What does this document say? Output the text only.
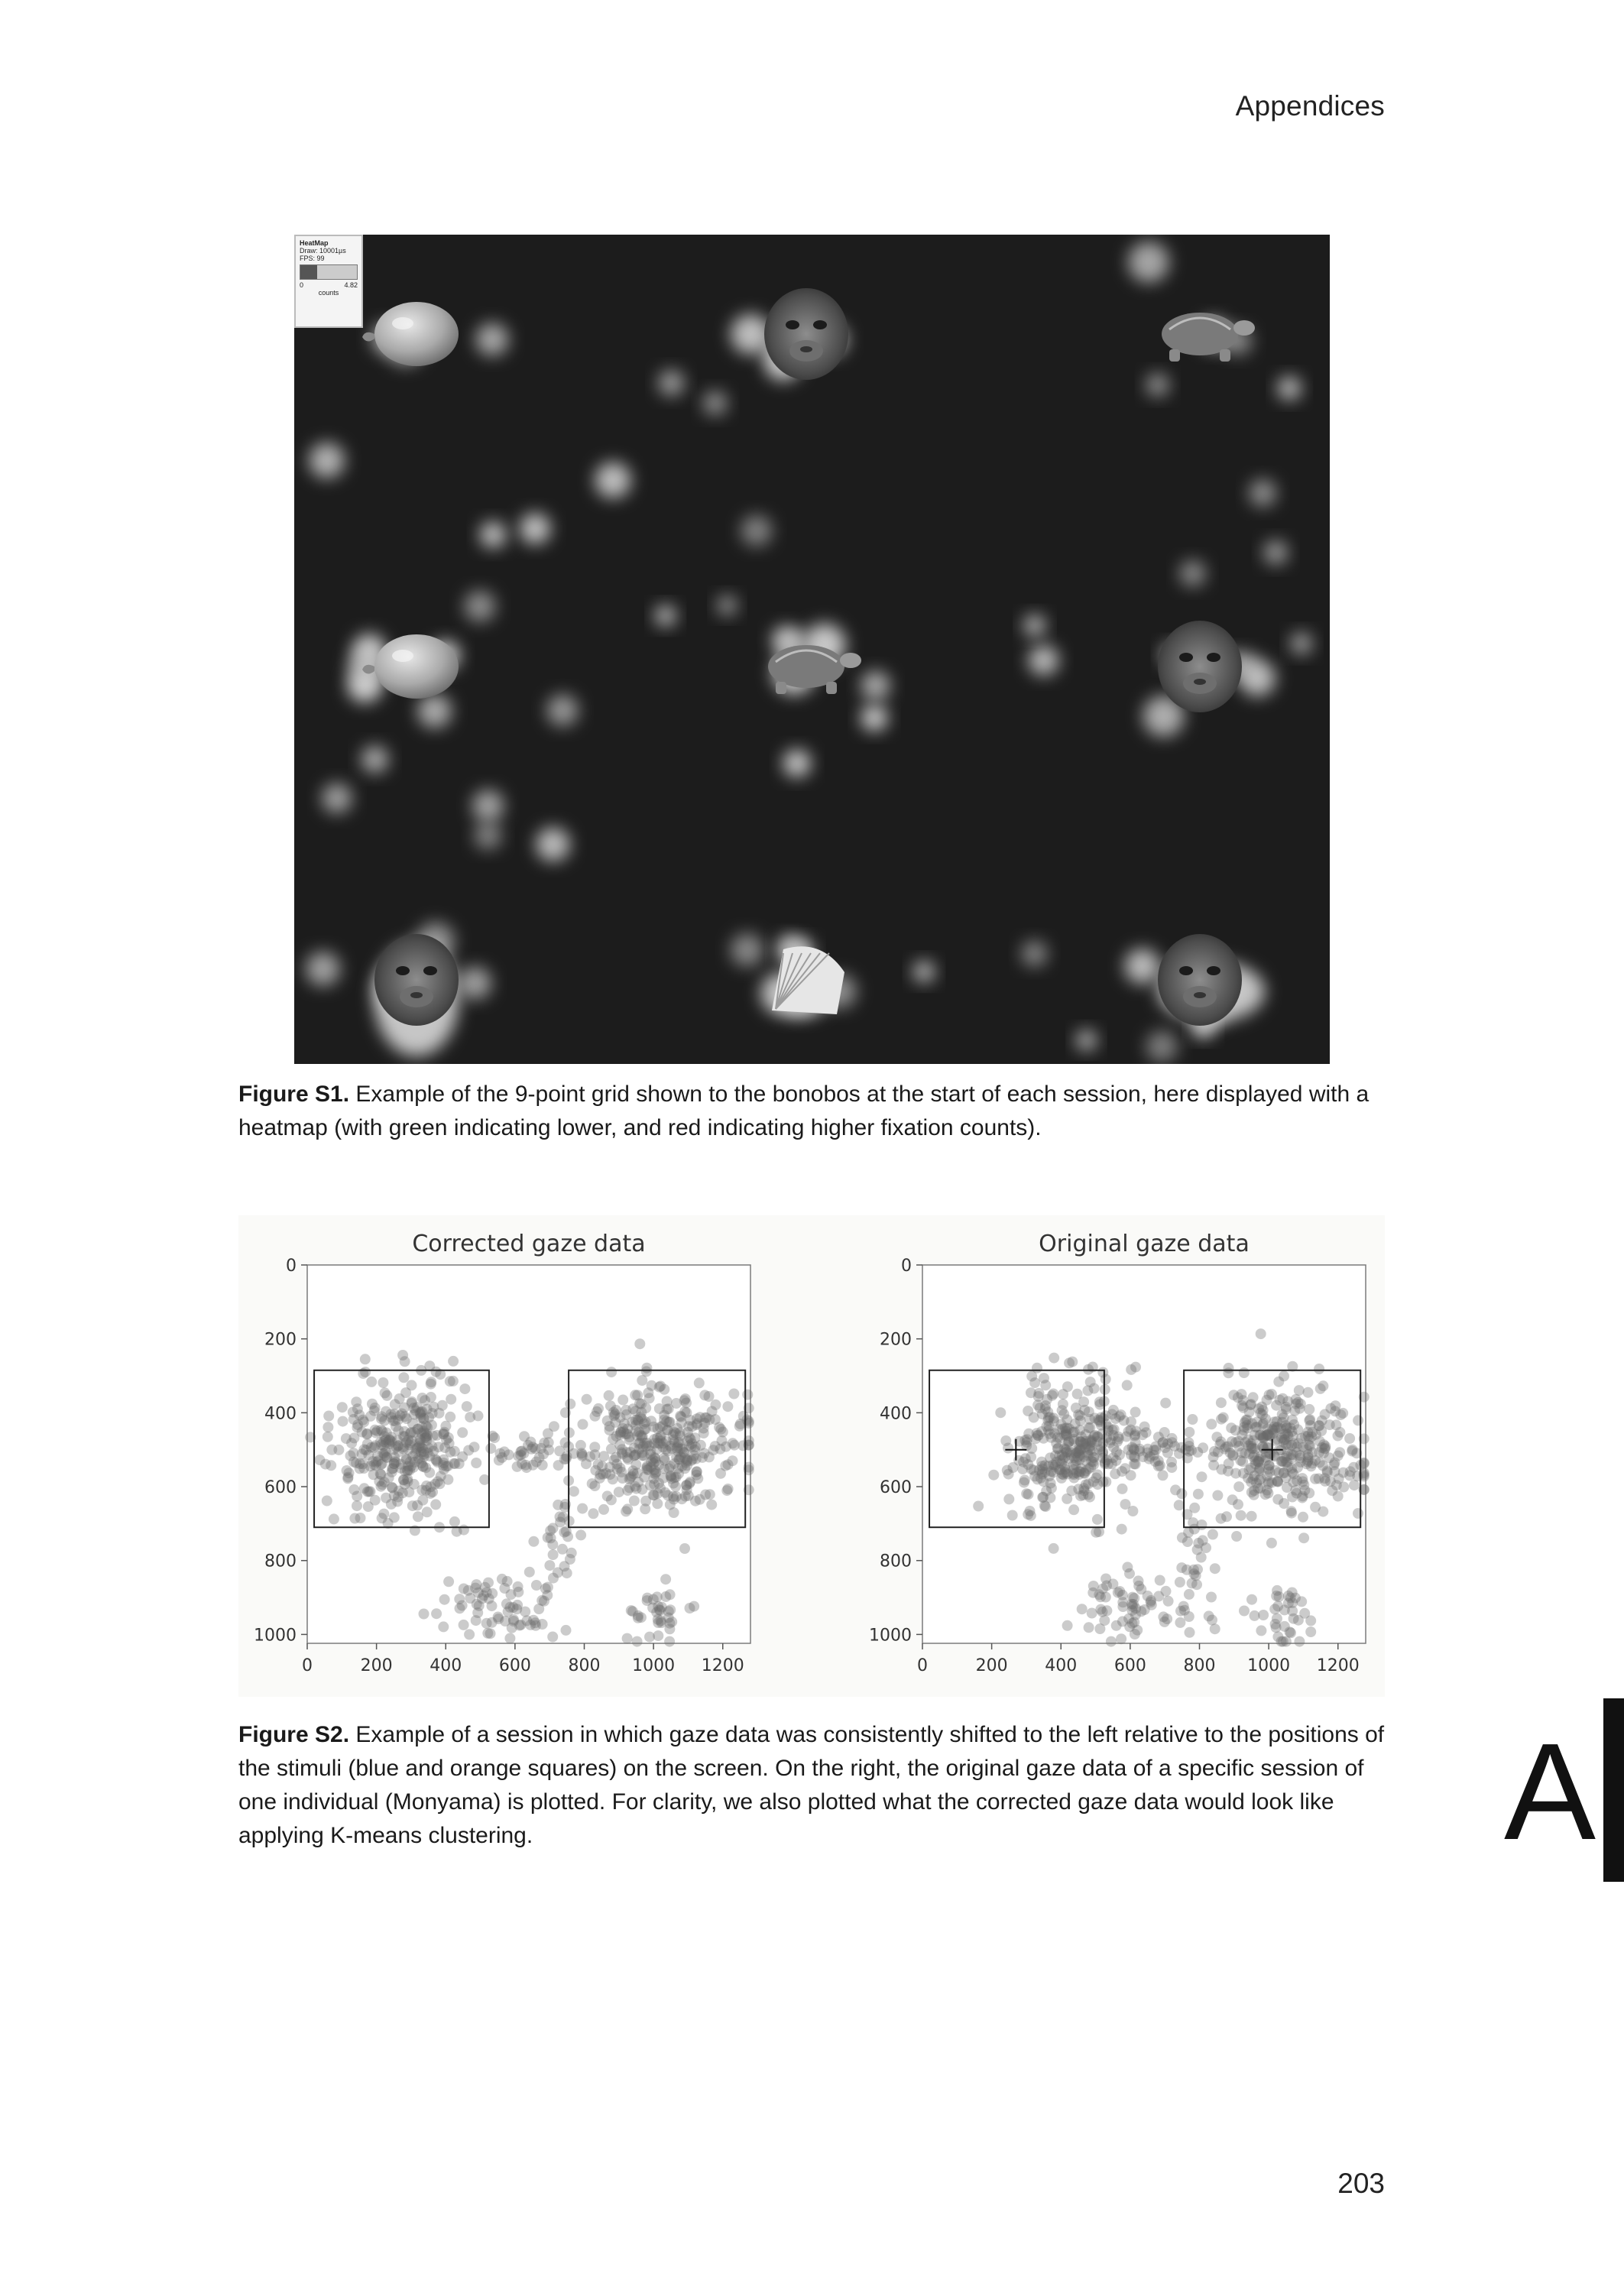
Appendices
HeatMap
Draw: 10001µs
FPS: 99
0	4.82
counts
Figure S1. Example of the 9-point grid shown to the bonobos at the start of each session, here displayed with a heatmap (with green indicating lower, and red indicating higher fixation counts).
Corrected gaze data
0	200 400 600 800 1000 1200
0
200
400
600
800
1000
Original gaze data
0	200 400 600 800 1000 1200
0
200
400
600
800
1000
Figure S2. Example of a session in which gaze data was consistently shifted to the left relative to the positions of the stimuli (blue and orange squares) on the screen. On the right, the original gaze data of a specific session of one individual (Monyama) is plotted. For clarity, we also plotted what the corrected gaze data would look like applying K-means clustering.	A
203
